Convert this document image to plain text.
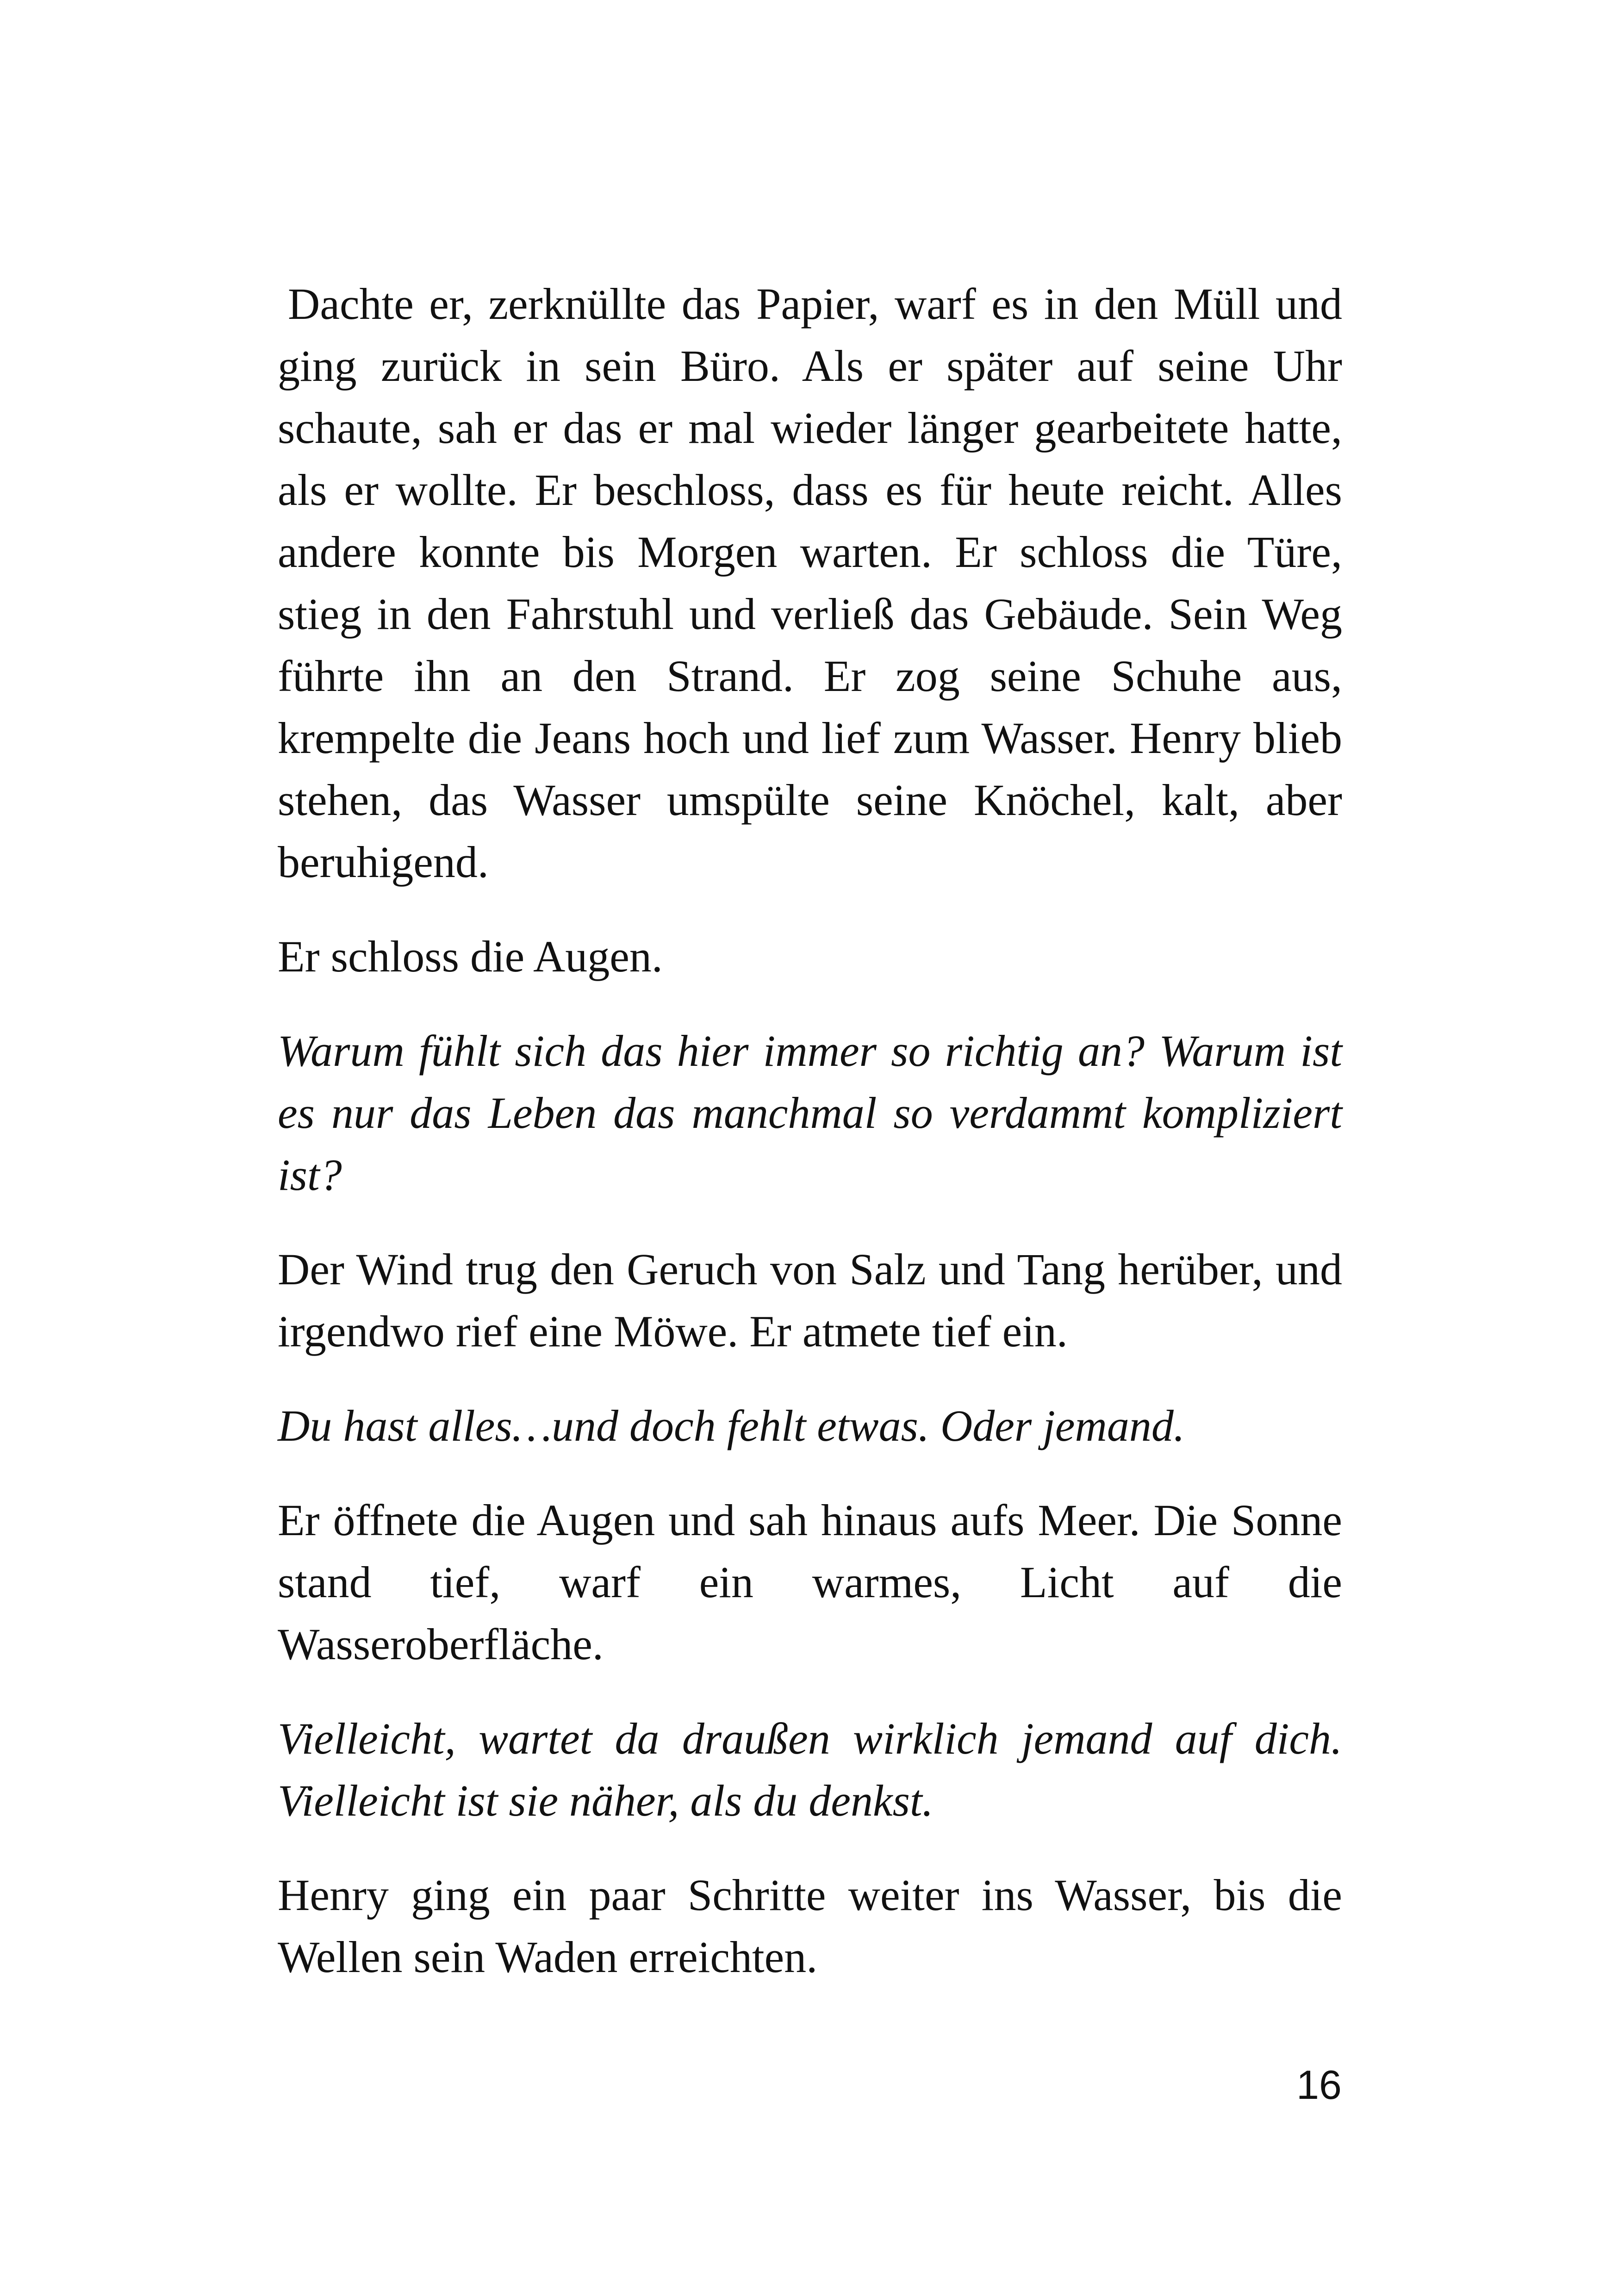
Dachte er, zerknüllte das Papier, warf es in den Müll und ging zurück in sein Büro. Als er später auf seine Uhr schaute, sah er das er mal wieder länger gearbeitete hatte, als er wollte. Er beschloss, dass es für heute reicht. Alles andere konnte bis Morgen warten. Er schloss die Türe, stieg in den Fahrstuhl und verließ das Gebäude. Sein Weg führte ihn an den Strand. Er zog seine Schuhe aus, krempelte die Jeans hoch und lief zum Wasser. Henry blieb stehen, das Wasser umspülte seine Knöchel, kalt, aber beruhigend.

Er schloss die Augen.

Warum fühlt sich das hier immer so richtig an? Warum ist es nur das Leben das manchmal so verdammt kompliziert ist?

Der Wind trug den Geruch von Salz und Tang herüber, und irgendwo rief eine Möwe. Er atmete tief ein.

Du hast alles…und doch fehlt etwas. Oder jemand.

Er öffnete die Augen und sah hinaus aufs Meer. Die Sonne stand tief, warf ein warmes, Licht auf die Wasseroberfläche.

Vielleicht, wartet da draußen wirklich jemand auf dich. Vielleicht ist sie näher, als du denkst.

Henry ging ein paar Schritte weiter ins Wasser, bis die Wellen sein Waden erreichten.

16
